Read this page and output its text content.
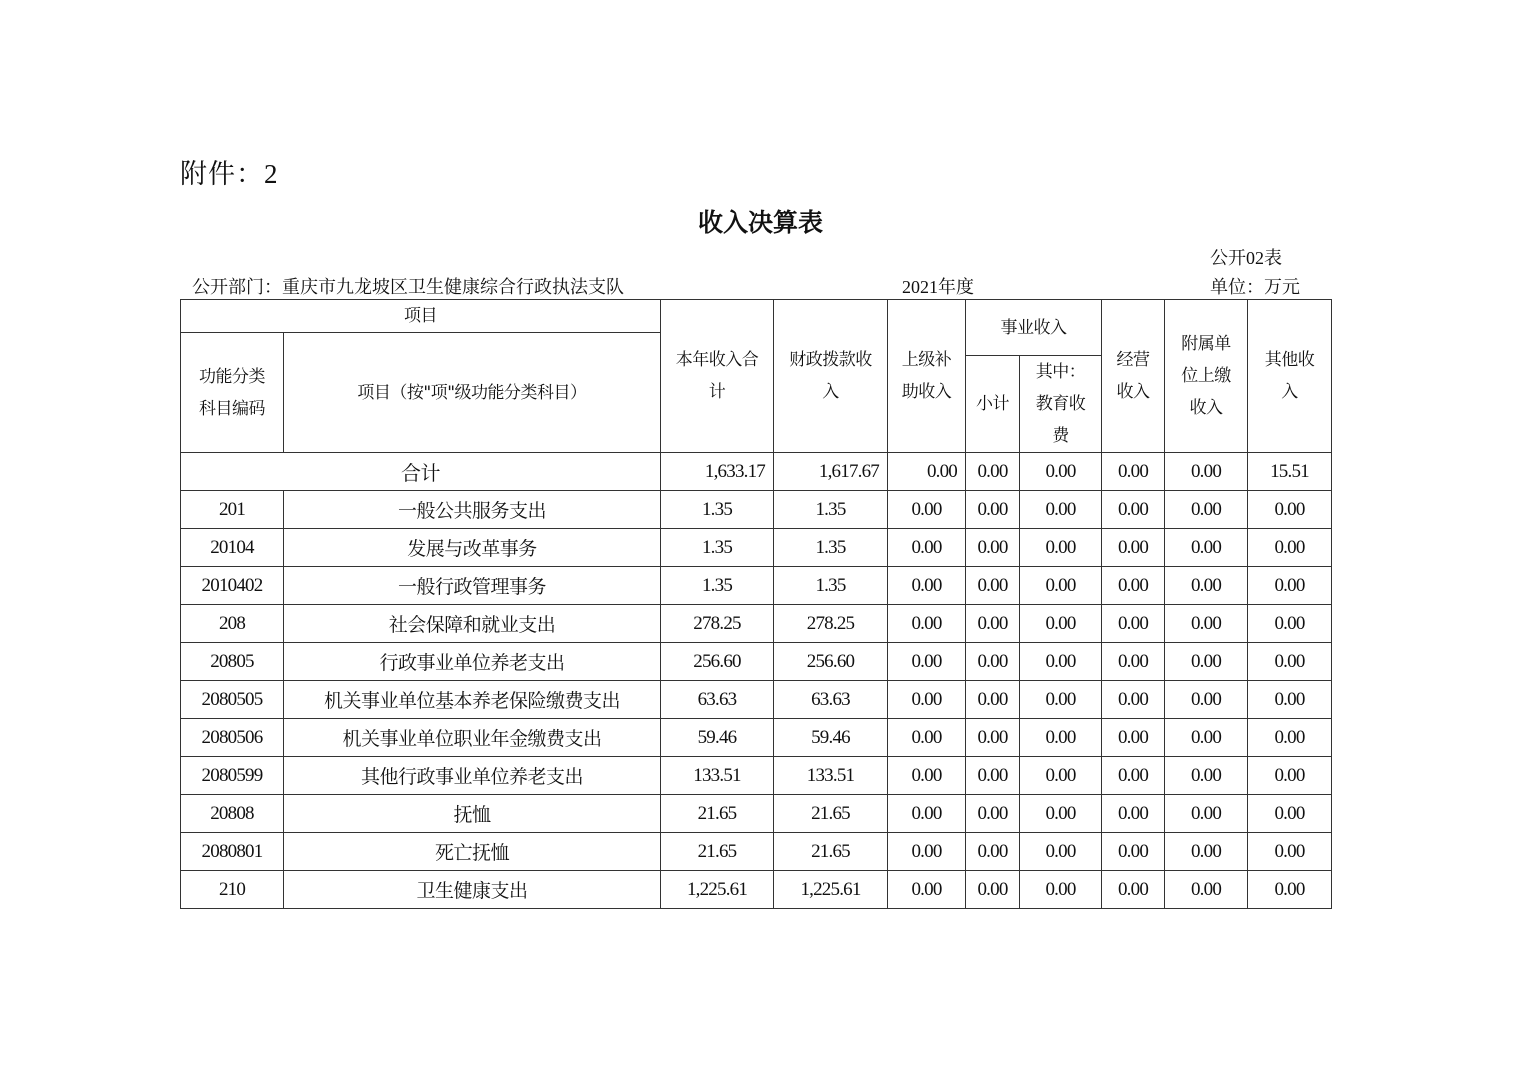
附件：2
收入决算表
公开02表
公开部门：重庆市九龙坡区卫生健康综合行政执法支队	2021年度	单位：万元
项目		本年收入合计	财政拨款收入	上级补助收入	事业收入		经营收入	附属单位上缴收入	其他收入

功能分类科目编码	项目（按"项"级功能分类科目）								
					小计	其中：教育收费			

合计		1,633.17	1,617.67	0.00	0.00	0.00	0.00	0.00	15.51
201	一般公共服务支出	1.35	1.35	0.00	0.00	0.00	0.00	0.00	0.00
20104	发展与改革事务	1.35	1.35	0.00	0.00	0.00	0.00	0.00	0.00
2010402	一般行政管理事务	1.35	1.35	0.00	0.00	0.00	0.00	0.00	0.00
208	社会保障和就业支出	278.25	278.25	0.00	0.00	0.00	0.00	0.00	0.00
20805	行政事业单位养老支出	256.60	256.60	0.00	0.00	0.00	0.00	0.00	0.00
2080505	机关事业单位基本养老保险缴费支出	63.63	63.63	0.00	0.00	0.00	0.00	0.00	0.00
2080506	机关事业单位职业年金缴费支出	59.46	59.46	0.00	0.00	0.00	0.00	0.00	0.00
2080599	其他行政事业单位养老支出	133.51	133.51	0.00	0.00	0.00	0.00	0.00	0.00
20808	抚恤	21.65	21.65	0.00	0.00	0.00	0.00	0.00	0.00
2080801	死亡抚恤	21.65	21.65	0.00	0.00	0.00	0.00	0.00	0.00
210	卫生健康支出	1,225.61	1,225.61	0.00	0.00	0.00	0.00	0.00	0.00
